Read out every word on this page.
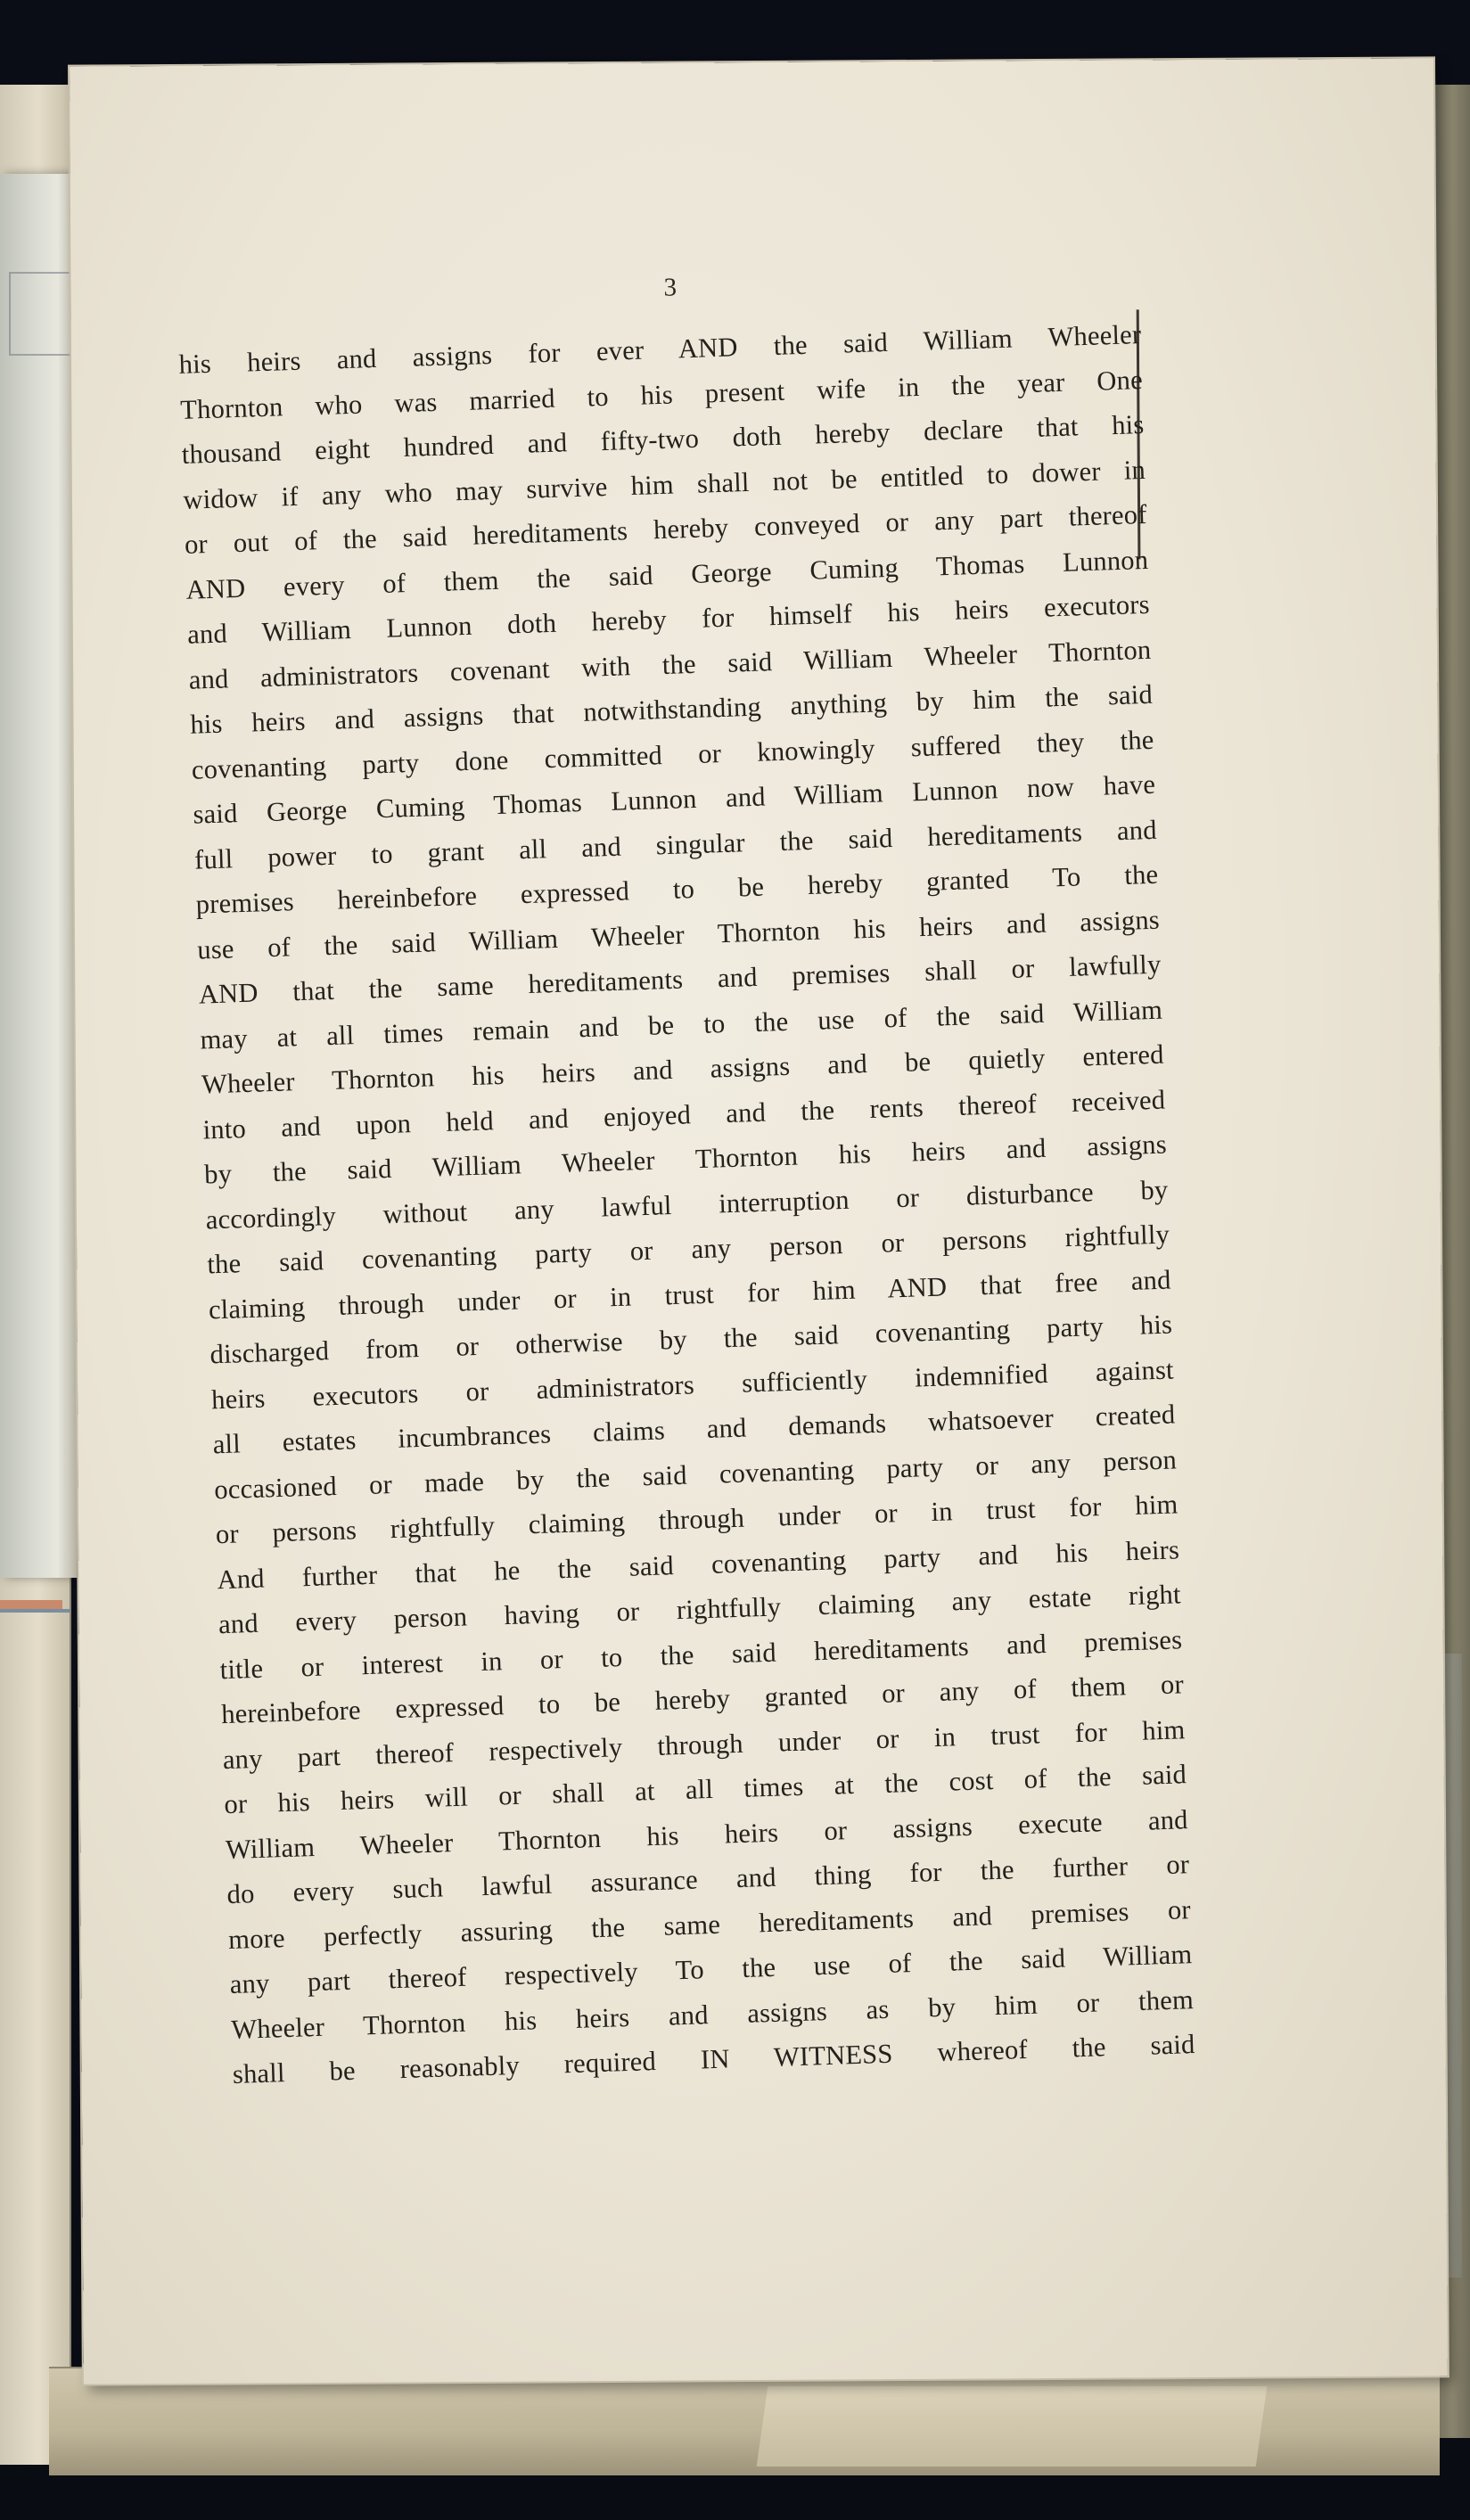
3
his heirs and assigns for ever AND the said William Wheeler
Thornton who was married to his present wife in the year One
thousand eight hundred and fifty-two doth hereby declare that his
widow if any who may survive him shall not be entitled to dower in
or out of the said hereditaments hereby conveyed or any part thereof
AND every of them the said George Cuming Thomas Lunnon
and William Lunnon doth hereby for himself his heirs executors
and administrators covenant with the said William Wheeler Thornton
his heirs and assigns that notwithstanding anything by him the said
covenanting party done committed or knowingly suffered they the
said George Cuming Thomas Lunnon and William Lunnon now have
full power to grant all and singular the said hereditaments and
premises hereinbefore expressed to be hereby granted To the
use of the said William Wheeler Thornton his heirs and assigns
AND that the same hereditaments and premises shall or lawfully
may at all times remain and be to the use of the said William
Wheeler Thornton his heirs and assigns and be quietly entered
into and upon held and enjoyed and the rents thereof received
by the said William Wheeler Thornton his heirs and assigns
accordingly without any lawful interruption or disturbance by
the said covenanting party or any person or persons rightfully
claiming through under or in trust for him AND that free and
discharged from or otherwise by the said covenanting party his
heirs executors or administrators sufficiently indemnified against
all estates incumbrances claims and demands whatsoever created
occasioned or made by the said covenanting party or any person
or persons rightfully claiming through under or in trust for him
And further that he the said covenanting party and his heirs
and every person having or rightfully claiming any estate right
title or interest in or to the said hereditaments and premises
hereinbefore expressed to be hereby granted or any of them or
any part thereof respectively through under or in trust for him
or his heirs will or shall at all times at the cost of the said
William Wheeler Thornton his heirs or assigns execute and
do every such lawful assurance and thing for the further or
more perfectly assuring the same hereditaments and premises or
any part thereof respectively To the use of the said William
Wheeler Thornton his heirs and assigns as by him or them
shall be reasonably required IN WITNESS whereof the said
